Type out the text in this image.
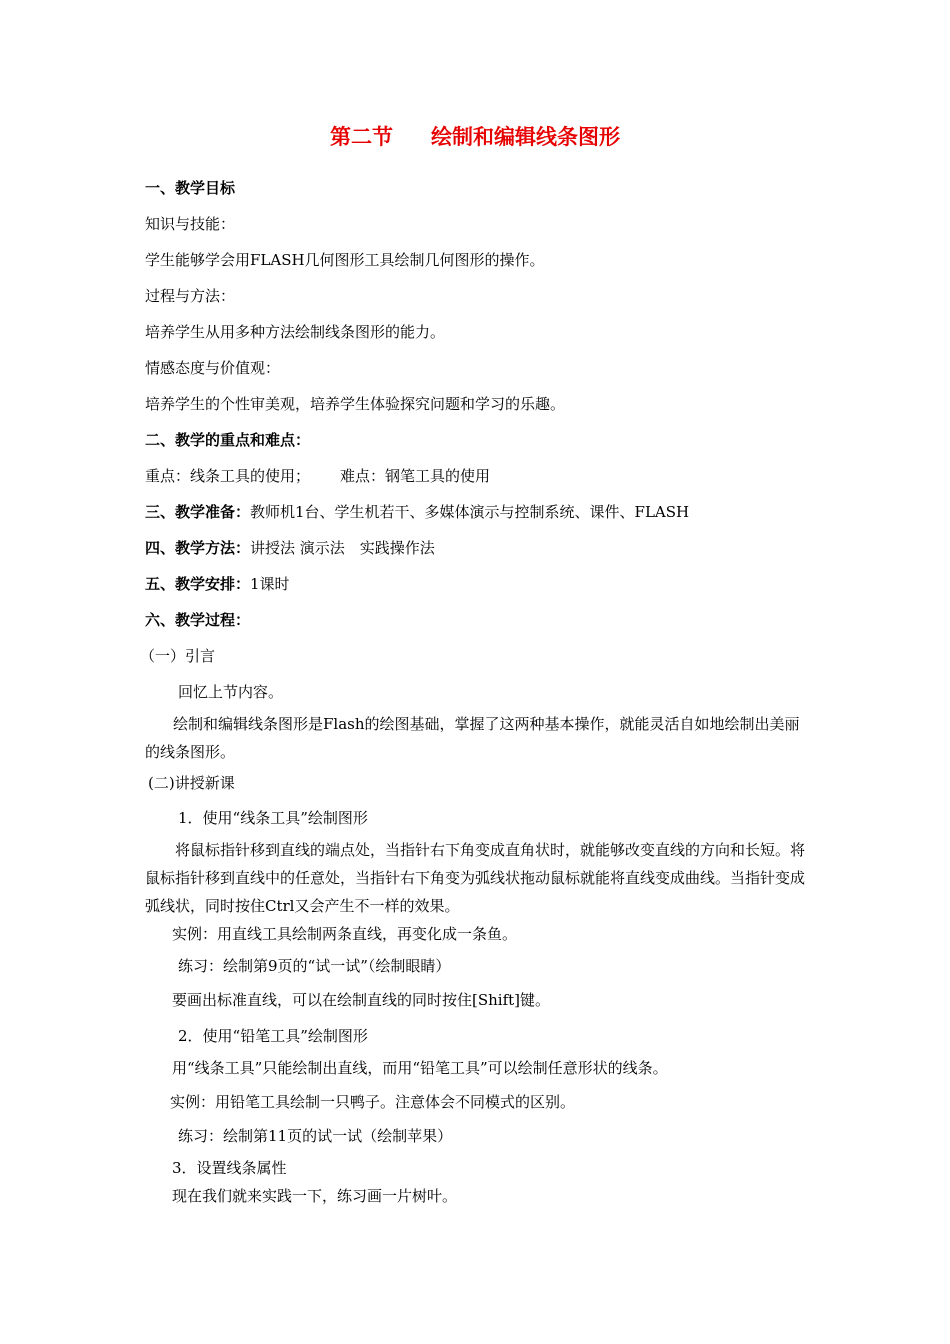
第二节 绘制和编辑线条图形
一、教学目标
知识与技能：
学生能够学会用FLASH几何图形工具绘制几何图形的操作。
过程与方法：
培养学生从用多种方法绘制线条图形的能力。
情感态度与价值观：
培养学生的个性审美观，培养学生体验探究问题和学习的乐趣。
二、教学的重点和难点：
重点：线条工具的使用； 难点：钢笔工具的使用
三、教学准备：教师机1台、学生机若干、多媒体演示与控制系统、课件、FLASH
四、教学方法：讲授法 演示法　实践操作法
五、教学安排：1课时
六、教学过程：
（一）引言
回忆上节内容。
绘制和编辑线条图形是Flash的绘图基础，掌握了这两种基本操作，就能灵活自如地绘制出美丽的线条图形。
(二)讲授新课
1．使用“线条工具”绘制图形
将鼠标指针移到直线的端点处，当指针右下角变成直角状时，就能够改变直线的方向和长短。将鼠标指针移到直线中的任意处，当指针右下角变为弧线状拖动鼠标就能将直线变成曲线。当指针变成弧线状，同时按住Ctrl又会产生不一样的效果。
实例：用直线工具绘制两条直线，再变化成一条鱼。
练习：绘制第9页的“试一试”（绘制眼睛）
要画出标准直线，可以在绘制直线的同时按住[Shift]键。
2．使用“铅笔工具”绘制图形
用“线条工具”只能绘制出直线，而用“铅笔工具”可以绘制任意形状的线条。
实例：用铅笔工具绘制一只鸭子。注意体会不同模式的区别。
练习：绘制第11页的试一试（绘制苹果）
3．设置线条属性
现在我们就来实践一下，练习画一片树叶。
